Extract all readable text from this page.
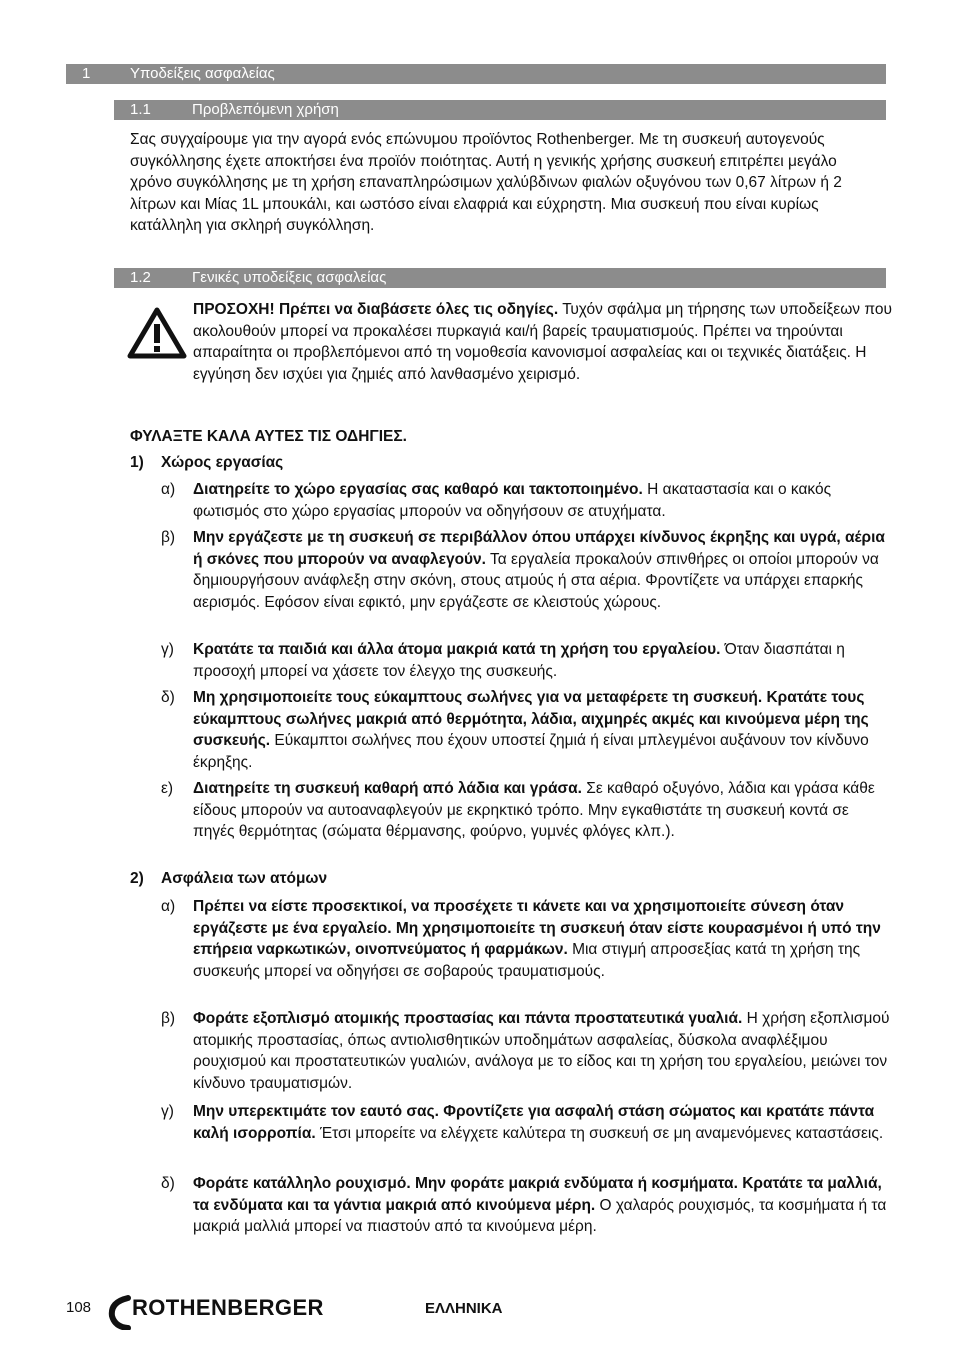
1	Υποδείξεις ασφαλείας
1.1	Προβλεπόμενη χρήση
Σας συγχαίρουμε για την αγορά ενός επώνυμου προϊόντος Rothenberger. Με τη συσκευή αυτογενούς συγκόλλησης έχετε αποκτήσει ένα προϊόν ποιότητας. Αυτή η γενικής χρήσης συσκευή επιτρέπει μεγάλο χρόνο συγκόλλησης με τη χρήση επαναπληρώσιμων χαλύβδινων φιαλών οξυγόνου των 0,67 λίτρων ή 2 λίτρων και Μίας 1L μπουκάλι, και ωστόσο είναι ελαφριά και εύχρηστη. Μια συσκευή που είναι κυρίως κατάλληλη για σκληρή συγκόλληση.
1.2	Γενικές υποδείξεις ασφαλείας
ΠΡΟΣΟΧΗ! Πρέπει να διαβάσετε όλες τις οδηγίες. Τυχόν σφάλμα μη τήρησης των υποδείξεων που ακολουθούν μπορεί να προκαλέσει πυρκαγιά και/ή βαρείς τραυματισμούς. Πρέπει να τηρούνται απαραίτητα οι προβλεπόμενοι από τη νομοθεσία κανονισμοί ασφαλείας και οι τεχνικές διατάξεις. Η εγγύηση δεν ισχύει για ζημιές από λανθασμένο χειρισμό.
ΦΥΛΑΞΤΕ ΚΑΛΑ ΑΥΤΕΣ ΤΙΣ ΟΔΗΓΙΕΣ.
1) Χώρος εργασίας
α) Διατηρείτε το χώρο εργασίας σας καθαρό και τακτοποιημένο. Η ακαταστασία και ο κακός φωτισμός στο χώρο εργασίας μπορούν να οδηγήσουν σε ατυχήματα.
β) Μην εργάζεστε με τη συσκευή σε περιβάλλον όπου υπάρχει κίνδυνος έκρηξης και υγρά, αέρια ή σκόνες που μπορούν να αναφλεγούν. Τα εργαλεία προκαλούν σπινθήρες οι οποίοι μπορούν να δημιουργήσουν ανάφλεξη στην σκόνη, στους ατμούς ή στα αέρια. Φροντίζετε να υπάρχει επαρκής αερισμός. Εφόσον είναι εφικτό, μην εργάζεστε σε κλειστούς χώρους.
γ) Κρατάτε τα παιδιά και άλλα άτομα μακριά κατά τη χρήση του εργαλείου. Όταν διασπάται η προσοχή μπορεί να χάσετε τον έλεγχο της συσκευής.
δ) Μη χρησιμοποιείτε τους εύκαμπτους σωλήνες για να μεταφέρετε τη συσκευή. Κρατάτε τους εύκαμπτους σωλήνες μακριά από θερμότητα, λάδια, αιχμηρές ακμές και κινούμενα μέρη της συσκευής. Εύκαμπτοι σωλήνες που έχουν υποστεί ζημιά ή είναι μπλεγμένοι αυξάνουν τον κίνδυνο έκρηξης.
ε) Διατηρείτε τη συσκευή καθαρή από λάδια και γράσα. Σε καθαρό οξυγόνο, λάδια και γράσα κάθε είδους μπορούν να αυτοαναφλεγούν με εκρηκτικό τρόπο. Μην εγκαθιστάτε τη συσκευή κοντά σε πηγές θερμότητας (σώματα θέρμανσης, φούρνο, γυμνές φλόγες κλπ.).
2) Ασφάλεια των ατόμων
α) Πρέπει να είστε προσεκτικοί, να προσέχετε τι κάνετε και να χρησιμοποιείτε σύνεση όταν εργάζεστε με ένα εργαλείο. Μη χρησιμοποιείτε τη συσκευή όταν είστε κουρασμένοι ή υπό την επήρεια ναρκωτικών, οινοπνεύματος ή φαρμάκων. Μια στιγμή απροσεξίας κατά τη χρήση της συσκευής μπορεί να οδηγήσει σε σοβαρούς τραυματισμούς.
β) Φοράτε εξοπλισμό ατομικής προστασίας και πάντα προστατευτικά γυαλιά. Η χρήση εξοπλισμού ατομικής προστασίας, όπως αντιολισθητικών υποδημάτων ασφαλείας, δύσκολα αναφλέξιμου ρουχισμού και προστατευτικών γυαλιών, ανάλογα με το είδος και τη χρήση του εργαλείου, μειώνει τον κίνδυνο τραυματισμών.
γ) Μην υπερεκτιμάτε τον εαυτό σας. Φροντίζετε για ασφαλή στάση σώματος και κρατάτε πάντα καλή ισορροπία. Έτσι μπορείτε να ελέγχετε καλύτερα τη συσκευή σε μη αναμενόμενες καταστάσεις.
δ) Φοράτε κατάλληλο ρουχισμό. Μην φοράτε μακριά ενδύματα ή κοσμήματα. Κρατάτε τα μαλλιά, τα ενδύματα και τα γάντια μακριά από κινούμενα μέρη. Ο χαλαρός ρουχισμός, τα κοσμήματα ή τα μακριά μαλλιά μπορεί να πιαστούν από τα κινούμενα μέρη.
108 ROTHENBERGER	ΕΛΛΗΝΙΚΑ
